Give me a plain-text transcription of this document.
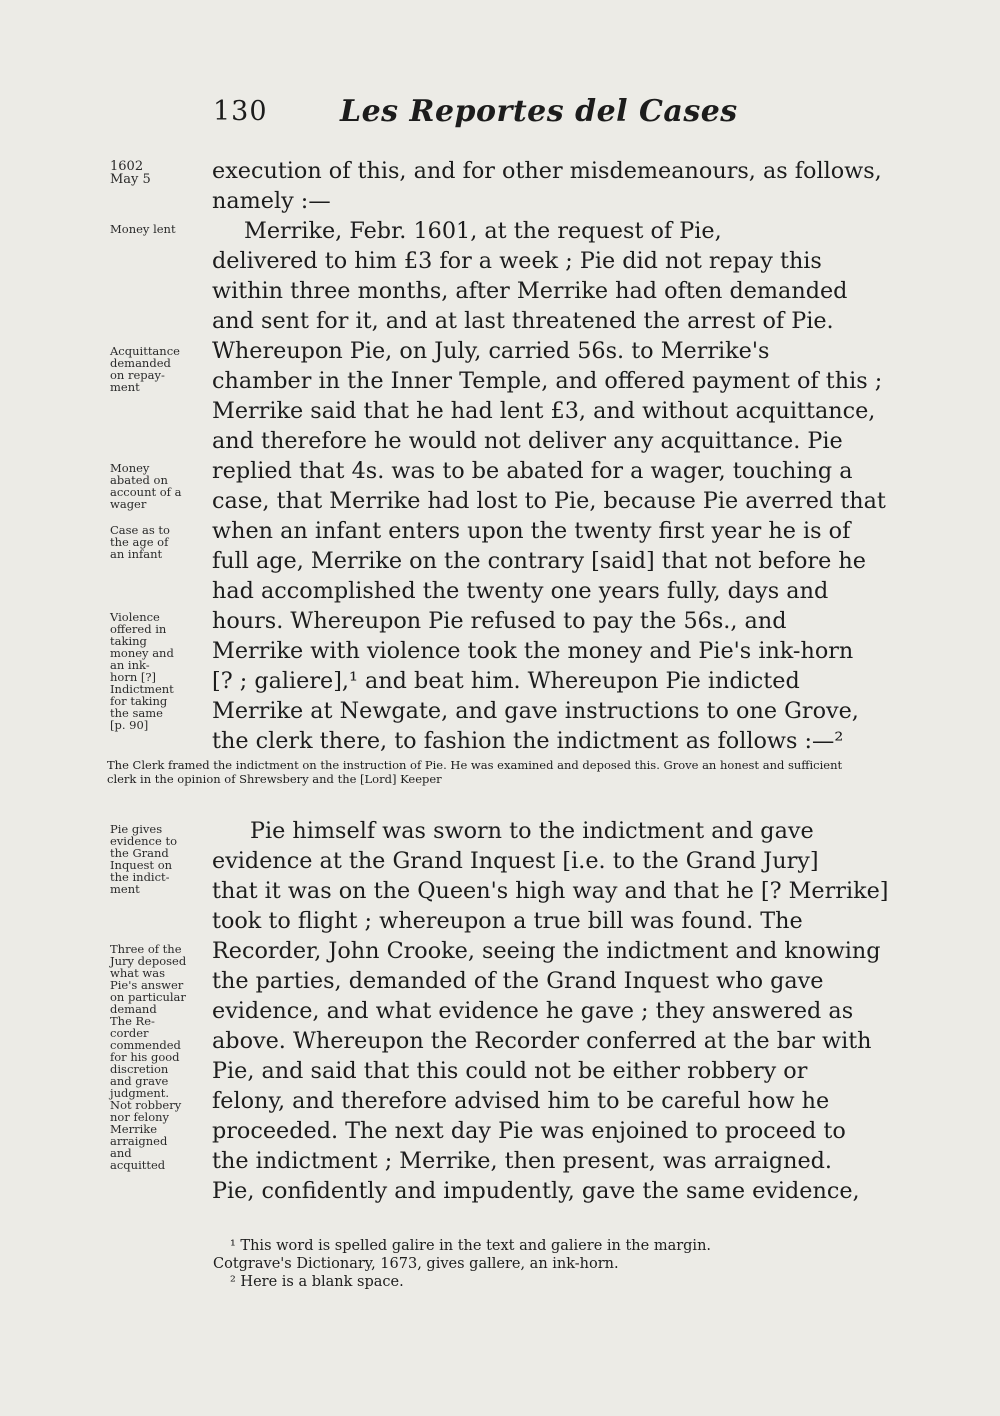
130 Les Reportes del Cases
execution of this, and for other misdemeanours, as follows,
namely :—
Merrike, Febr. 1601, at the request of Pie,
delivered to him £3 for a week ; Pie did not repay this
within three months, after Merrike had often demanded
and sent for it, and at last threatened the arrest of Pie.
Whereupon Pie, on July, carried 56s. to Merrike's
chamber in the Inner Temple, and offered payment of this ;
Merrike said that he had lent £3, and without acquittance,
and therefore he would not deliver any acquittance. Pie
replied that 4s. was to be abated for a wager, touching a
case, that Merrike had lost to Pie, because Pie averred that
when an infant enters upon the twenty first year he is of
full age, Merrike on the contrary [said] that not before he
had accomplished the twenty one years fully, days and
hours. Whereupon Pie refused to pay the 56s., and
Merrike with violence took the money and Pie's ink-horn
[? ; galiere],¹ and beat him. Whereupon Pie indicted
Merrike at Newgate, and gave instructions to one Grove,
the clerk there, to fashion the indictment as follows :—²
1602
May 5
Money lent
Acquittance
demanded
on repay-
ment
Money
abated on
account of a
wager
Case as to
the age of
an infant
Violence
offered in
taking
money and
an ink-
horn [?]
Indictment
for taking
the same
[p. 90]
Pie gives
evidence to
the Grand
Inquest on
the indict-
ment
Three of the
Jury deposed
what was
Pie's answer
on particular
demand
The Re-
corder
commended
for his good
discretion
and grave
judgment.
Not robbery
nor felony
Merrike
arraigned
and
acquitted
The Clerk framed the indictment on the instruction of Pie. He was examined and deposed this. Grove an honest and sufficient clerk in the opinion of Shrewsbery and the [Lord] Keeper
Pie himself was sworn to the indictment and gave
evidence at the Grand Inquest [i.e. to the Grand Jury]
that it was on the Queen's high way and that he [? Merrike]
took to flight ; whereupon a true bill was found. The
Recorder, John Crooke, seeing the indictment and knowing
the parties, demanded of the Grand Inquest who gave
evidence, and what evidence he gave ; they answered as
above. Whereupon the Recorder conferred at the bar with
Pie, and said that this could not be either robbery or
felony, and therefore advised him to be careful how he
proceeded. The next day Pie was enjoined to proceed to
the indictment ; Merrike, then present, was arraigned.
Pie, confidently and impudently, gave the same evidence,
¹ This word is spelled galire in the text and galiere in the margin.
Cotgrave's Dictionary, 1673, gives gallere, an ink-horn.
² Here is a blank space.
